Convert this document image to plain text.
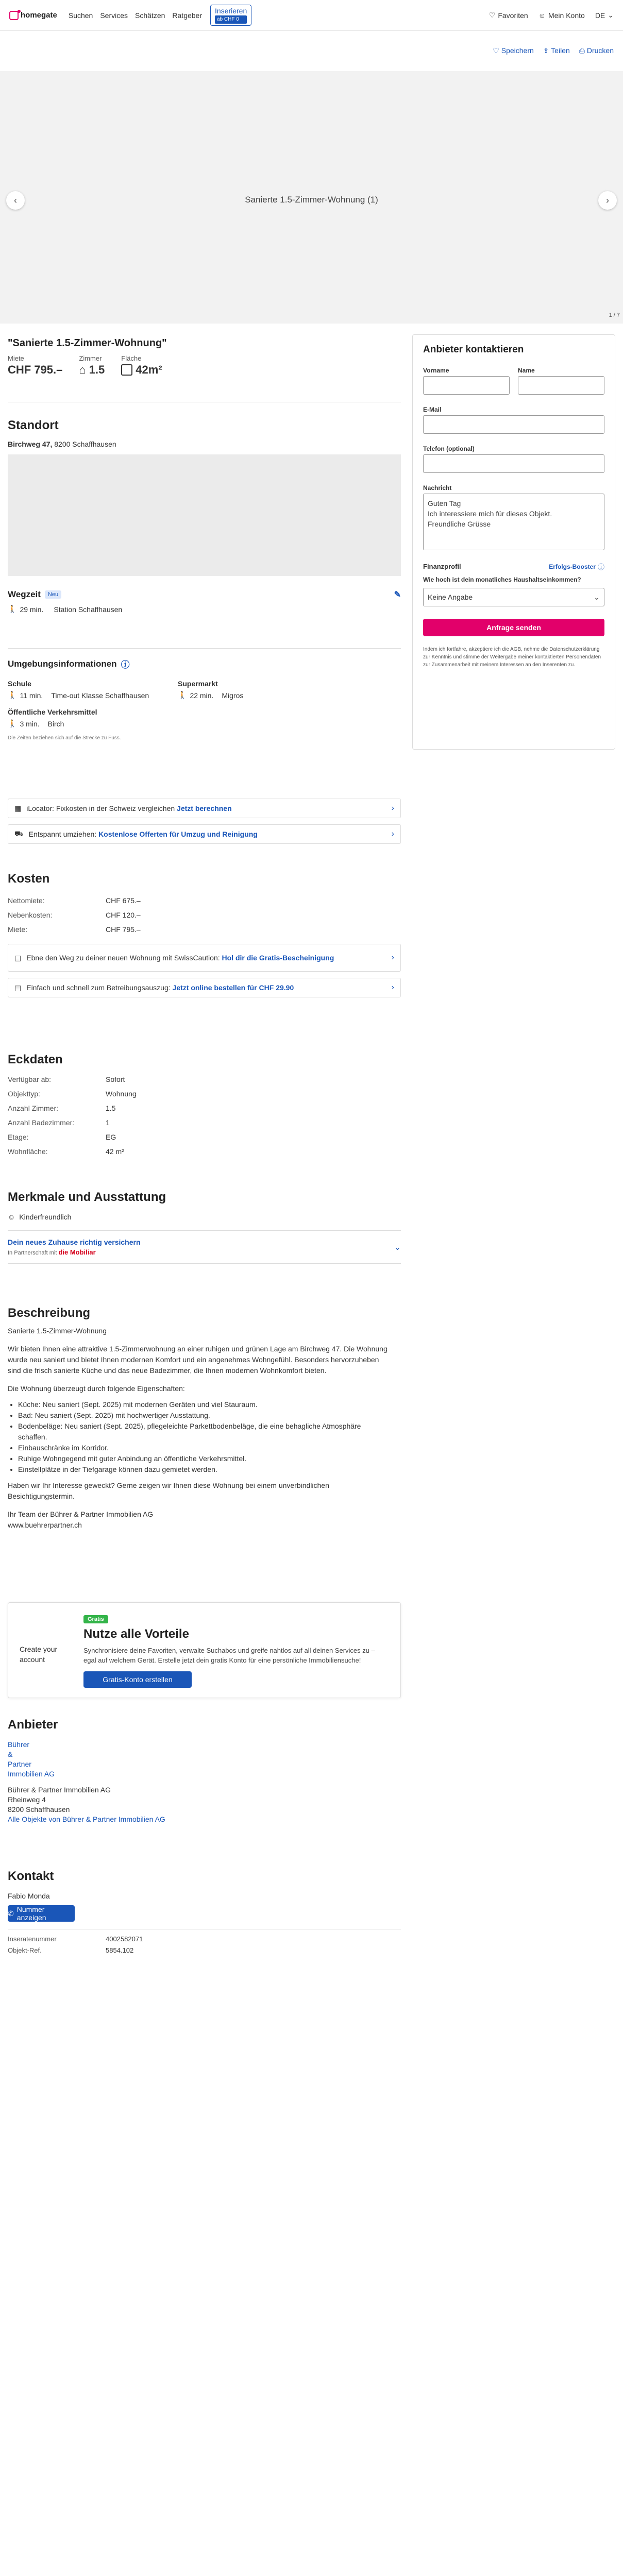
homegate Suchen Services Schätzen Ratgeber
Inserieren
ab CHF 0
♡ Favoriten ☺ Mein Konto DE ⌄
♡ Speichern ⇪ Teilen ⎙ Drucken
Sanierte 1.5-Zimmer-Wohnung (1)
‹	›
1 / 7
"Sanierte 1.5-Zimmer-Wohnung"
Miete
CHF 795.–
Zimmer
⌂ 1.5
Fläche
42m²
Standort
Birchweg 47, 8200 Schaffhausen
Wegzeit	Neu	✎
🚶 29 min. Station Schaffhausen
Umgebungsinformationen ⓘ
Schule
🚶 11 min. Time-out Klasse Schaffhausen
Supermarkt
🚶 22 min. Migros
Öffentliche Verkehrsmittel
🚶 3 min. Birch
Die Zeiten beziehen sich auf die Strecke zu Fuss.
▦ iLocator: Fixkosten in der Schweiz vergleichen Jetzt berechnen	›
⛟ Entspannt umziehen: Kostenlose Offerten für Umzug und Reinigung	›
Kosten
Nettomiete:	CHF 675.–
Nebenkosten:	CHF 120.–
Miete:	CHF 795.–
▤ Ebne den Weg zu deiner neuen Wohnung mit SwissCaution: Hol dir die Gratis-Bescheinigung	›
▤ Einfach und schnell zum Betreibungsauszug: Jetzt online bestellen für CHF 29.90	›
Eckdaten
Verfügbar ab:	Sofort
Objekttyp:	Wohnung
Anzahl Zimmer:	1.5
Anzahl Badezimmer:	1
Etage:	EG
Wohnfläche:	42 m²
Merkmale und Ausstattung
☺ Kinderfreundlich
Dein neues Zuhause richtig versichern
In Partnerschaft mit die Mobiliar
⌄
Beschreibung

Sanierte 1.5-Zimmer-Wohnung

Wir bieten Ihnen eine attraktive 1.5-Zimmerwohnung an einer ruhigen und grünen Lage am Birchweg 47. Die Wohnung wurde neu saniert und bietet Ihnen modernen Komfort und ein angenehmes Wohngefühl. Besonders hervorzuheben sind die frisch sanierte Küche und das neue Badezimmer, die Ihnen modernen Wohnkomfort bieten.

Die Wohnung überzeugt durch folgende Eigenschaften:

• Küche: Neu saniert (Sept. 2025) mit modernen Geräten und viel Stauraum.
• Bad: Neu saniert (Sept. 2025) mit hochwertiger Ausstattung.
• Bodenbeläge: Neu saniert (Sept. 2025), pflegeleichte Parkettbodenbeläge, die eine behagliche Atmosphäre schaffen.
• Einbauschränke im Korridor.
• Ruhige Wohngegend mit guter Anbindung an öffentliche Verkehrsmittel.
• Einstellplätze in der Tiefgarage können dazu gemietet werden.

Haben wir Ihr Interesse geweckt? Gerne zeigen wir Ihnen diese Wohnung bei einem unverbindlichen Besichtigungstermin.

Ihr Team der Bührer & Partner Immobilien AG

www.buehrerpartner.ch

Create your account
Gratis
Nutze alle Vorteile
Synchronisiere deine Favoriten, verwalte Suchabos und greife nahtlos auf all deinen Services zu – egal auf welchem Gerät. Erstelle jetzt dein gratis Konto für eine persönliche Immobiliensuche!
Gratis-Konto erstellen
Anbieter
Bührer
&
Partner
Immobilien AG
Bührer & Partner Immobilien AG
Rheinweg 4
8200 Schaffhausen
Alle Objekte von Bührer & Partner Immobilien AG
Kontakt
Fabio Monda
✆ Nummer anzeigen
Inseratenummer	4002582071
Objekt-Ref.	5854.102
Anbieter kontaktieren
Vorname	Name
E-Mail
Telefon (optional)
Nachricht
Guten Tag
Ich interessiere mich für dieses Objekt.
Freundliche Grüsse
Finanzprofil	Erfolgs-Booster ⓘ
Wie hoch ist dein monatliches Haushaltseinkommen?
Keine Angabe	⌄
Anfrage senden
Indem ich fortfahre, akzeptiere ich die AGB, nehme die Datenschutzerklärung zur Kenntnis und stimme der Weitergabe meiner kontaktierten Personendaten zur Zusammenarbeit mit meinem Interessen an den Inserenten zu.
